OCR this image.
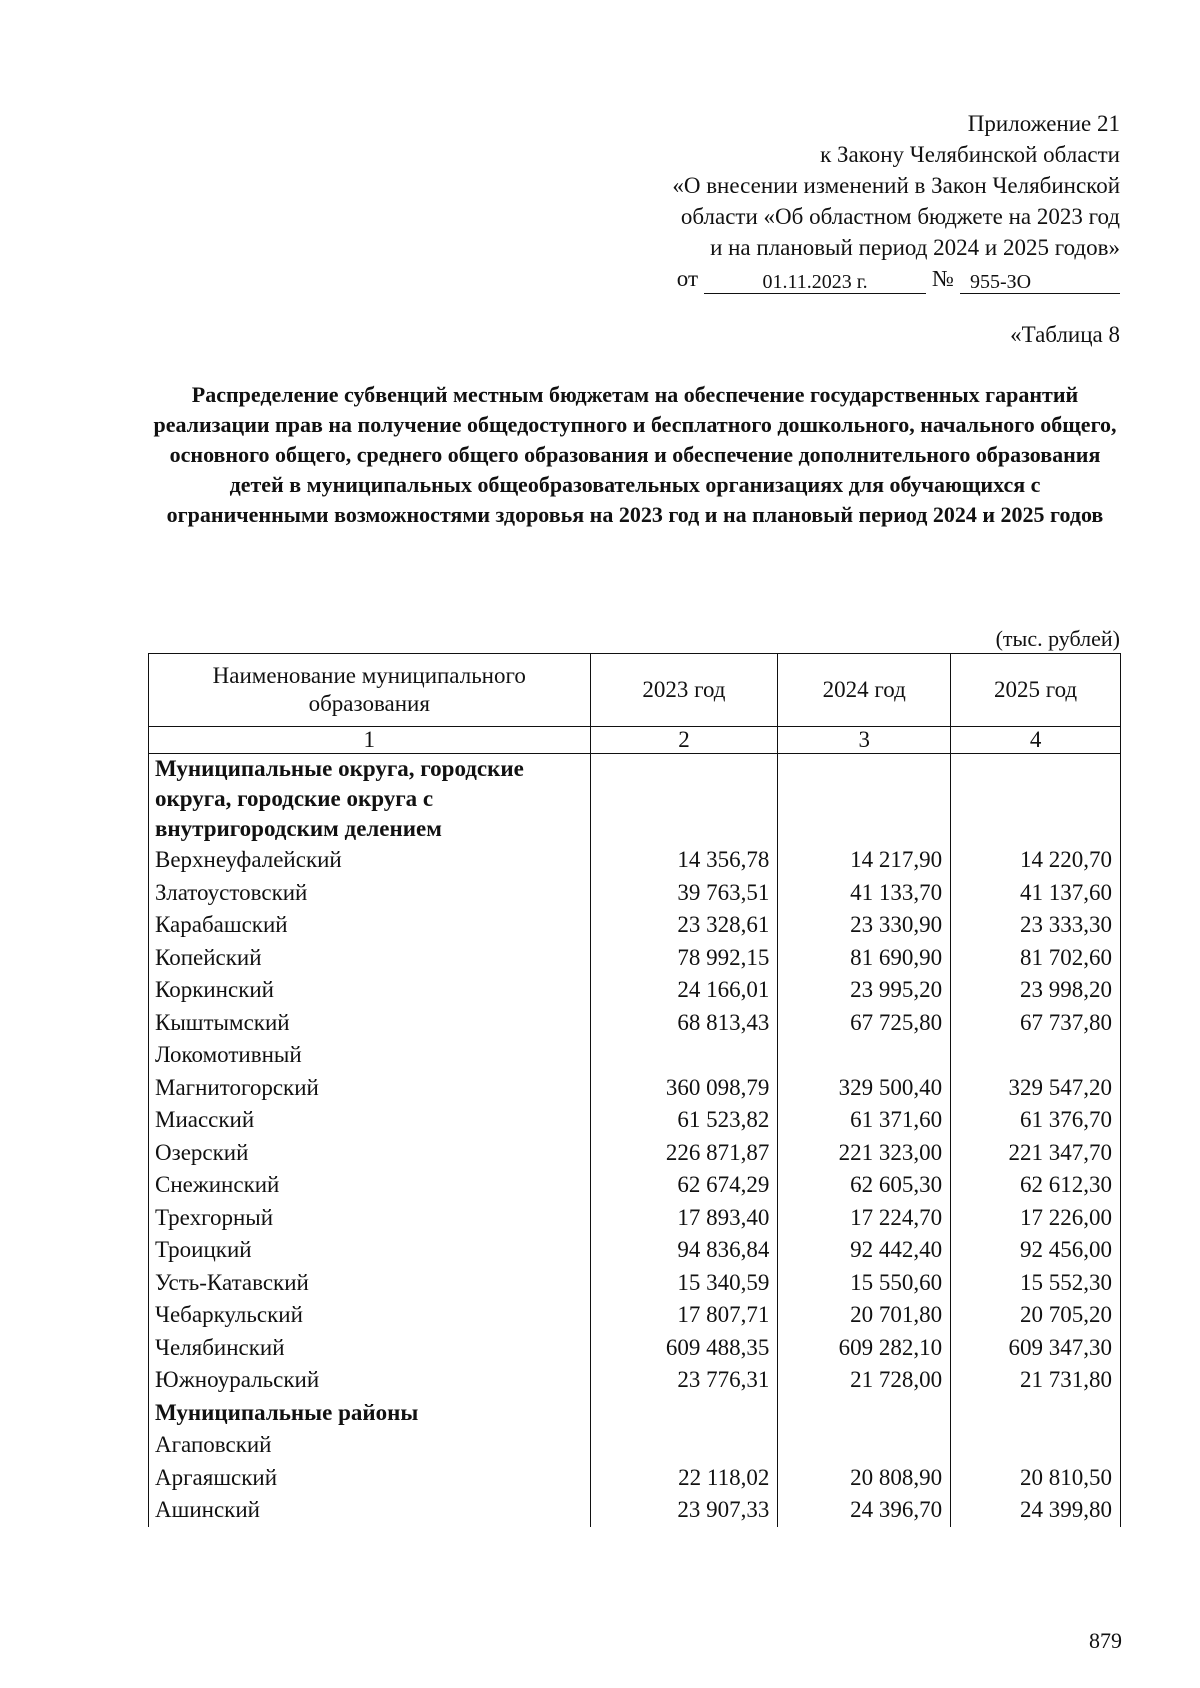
Приложение 21
к Закону Челябинской области
«О внесении изменений в Закон Челябинской
области «Об областном бюджете на 2023 год
и на плановый период 2024 и 2025 годов»
от	01.11.2023 г.	№ 955-ЗО
«Таблица 8
Распределение субвенций местным бюджетам на обеспечение государственных гарантий реализации прав на получение общедоступного и бесплатного дошкольного, начального общего, основного общего, среднего общего образования и обеспечение дополнительного образования детей в муниципальных общеобразовательных организациях для обучающихся с ограниченными возможностями здоровья на 2023 год и на плановый период 2024 и 2025 годов
(тыс. рублей)
Наименование муниципального образования	2023 год	2024 год	2025 год
1	2	3	4
Муниципальные округа, городские округа, городские округа с внутригородским делением			
Верхнеуфалейский	14 356,78	14 217,90	14 220,70
Златоустовский	39 763,51	41 133,70	41 137,60
Карабашский	23 328,61	23 330,90	23 333,30
Копейский	78 992,15	81 690,90	81 702,60
Коркинский	24 166,01	23 995,20	23 998,20
Кыштымский	68 813,43	67 725,80	67 737,80
Локомотивный			
Магнитогорский	360 098,79	329 500,40	329 547,20
Миасский	61 523,82	61 371,60	61 376,70
Озерский	226 871,87	221 323,00	221 347,70
Снежинский	62 674,29	62 605,30	62 612,30
Трехгорный	17 893,40	17 224,70	17 226,00
Троицкий	94 836,84	92 442,40	92 456,00
Усть-Катавский	15 340,59	15 550,60	15 552,30
Чебаркульский	17 807,71	20 701,80	20 705,20
Челябинский	609 488,35	609 282,10	609 347,30
Южноуральский	23 776,31	21 728,00	21 731,80
Муниципальные районы			
Агаповский			
Аргаяшский	22 118,02	20 808,90	20 810,50
Ашинский	23 907,33	24 396,70	24 399,80
879
